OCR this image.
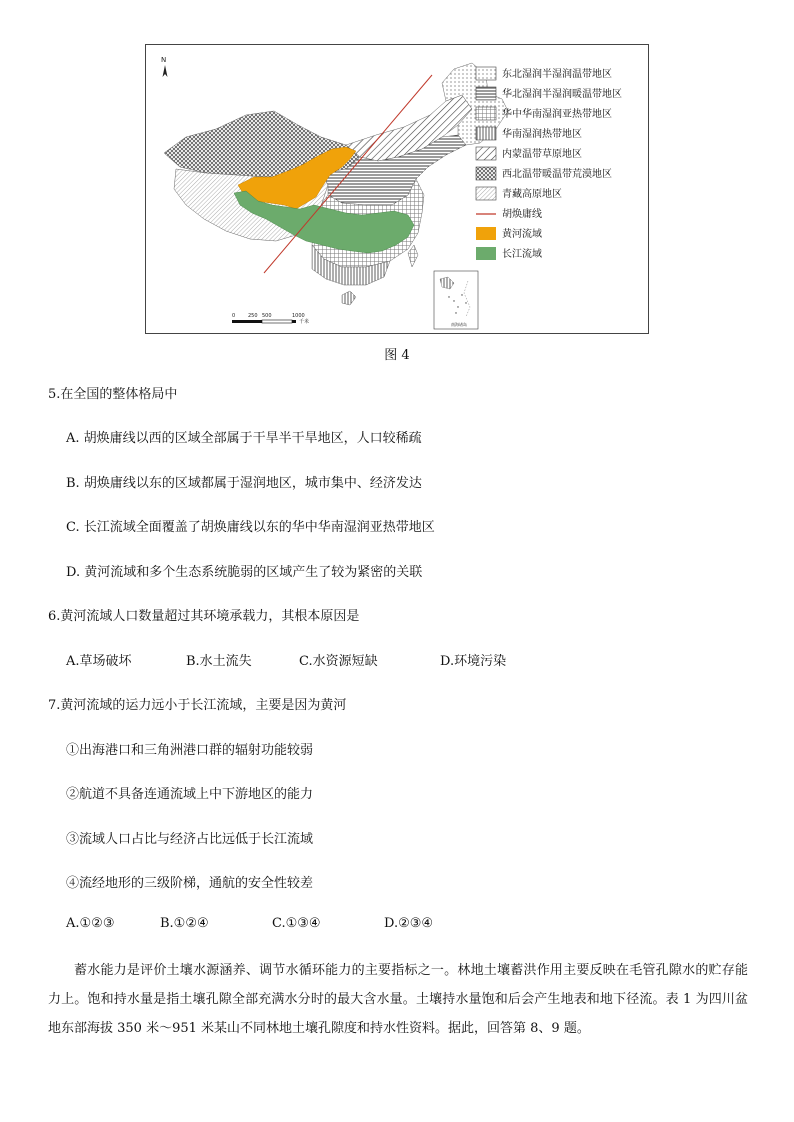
N
0	250 500	1000
千米	南海诸岛
东北湿润半湿润温带地区
华北湿润半湿润暖温带地区
华中华南湿润亚热带地区
华南湿润热带地区
内蒙温带草原地区
西北温带暖温带荒漠地区
青藏高原地区
胡焕庸线
黄河流域
长江流域
图 4
5.在全国的整体格局中
A. 胡焕庸线以西的区域全部属于干旱半干旱地区，人口较稀疏
B. 胡焕庸线以东的区域都属于湿润地区，城市集中、经济发达
C. 长江流域全面覆盖了胡焕庸线以东的华中华南湿润亚热带地区
D. 黄河流域和多个生态系统脆弱的区域产生了较为紧密的关联
6.黄河流域人口数量超过其环境承载力，其根本原因是
A.草场破坏	B.水土流失	C.水资源短缺	D.环境污染
7.黄河流域的运力远小于长江流域，主要是因为黄河
①出海港口和三角洲港口群的辐射功能较弱
②航道不具备连通流域上中下游地区的能力
③流域人口占比与经济占比远低于长江流域
④流经地形的三级阶梯，通航的安全性较差
A.①②③	B.①②④	C.①③④	D.②③④
蓄水能力是评价土壤水源涵养、调节水循环能力的主要指标之一。林地土壤蓄洪作用主要反映在毛管孔隙水的贮存能力上。饱和持水量是指土壤孔隙全部充满水分时的最大含水量。土壤持水量饱和后会产生地表和地下径流。表 1 为四川盆地东部海拔 350 米～951 米某山不同林地土壤孔隙度和持水性资料。据此，回答第 8、9 题。
